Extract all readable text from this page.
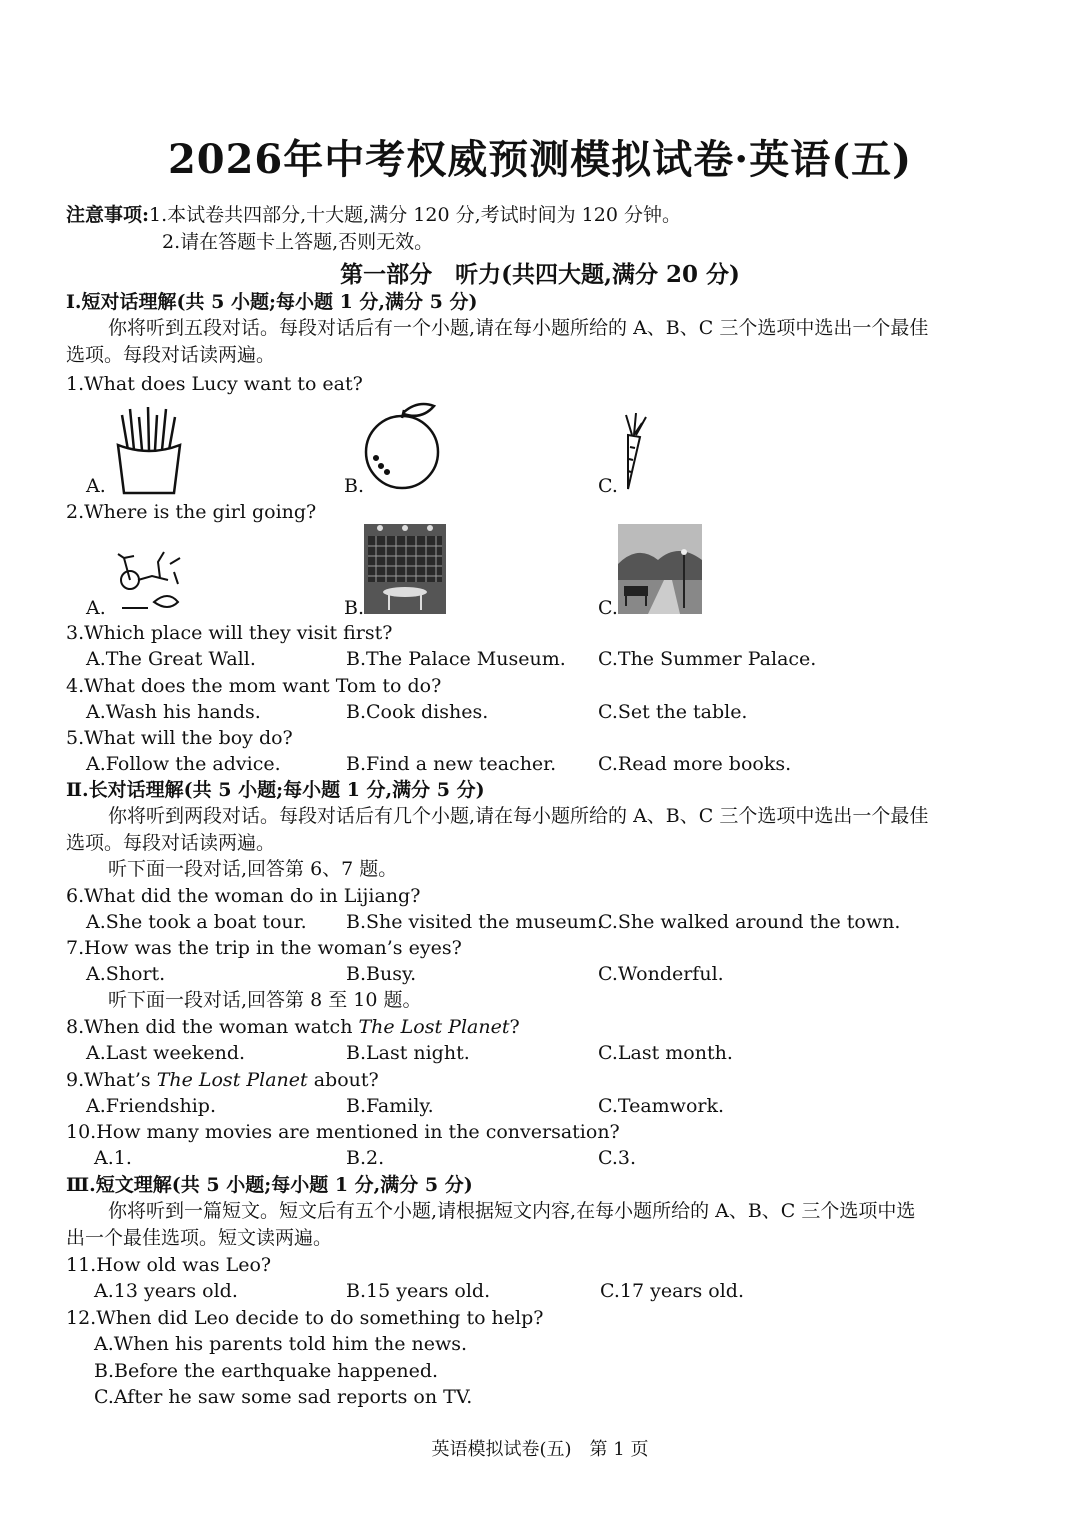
2026年中考权威预测模拟试卷·英语(五)
注意事项:1.本试卷共四部分,十大题,满分 120 分,考试时间为 120 分钟。
2.请在答题卡上答题,否则无效。
第一部分　听力(共四大题,满分 20 分)
Ⅰ.短对话理解(共 5 小题;每小题 1 分,满分 5 分)
你将听到五段对话。每段对话后有一个小题,请在每小题所给的 A、B、C 三个选项中选出一个最佳
选项。每段对话读两遍。
1.What does Lucy want to eat?
A.	B.	C.
2.Where is the girl going?
A.	B.	C.
3.Which place will they visit first?
A.The Great Wall.	B.The Palace Museum. C.The Summer Palace.
4.What does the mom want Tom to do?
A.Wash his hands.	B.Cook dishes.	C.Set the table.
5.What will the boy do?
A.Follow the advice.	B.Find a new teacher. C.Read more books.
Ⅱ.长对话理解(共 5 小题;每小题 1 分,满分 5 分)
你将听到两段对话。每段对话后有几个小题,请在每小题所给的 A、B、C 三个选项中选出一个最佳
选项。每段对话读两遍。
听下面一段对话,回答第 6、7 题。
6.What did the woman do in Lijiang?
A.She took a boat tour. B.She visited the museum.
C.She walked around the town.
7.How was the trip in the woman’s eyes?
A.Short.	B.Busy.	C.Wonderful.
听下面一段对话,回答第 8 至 10 题。
8.When did the woman watch The Lost Planet?
A.Last weekend.	B.Last night.	C.Last month.
9.What’s The Lost Planet about?
A.Friendship.	B.Family.	C.Teamwork.
10.How many movies are mentioned in the conversation?
A.1.	B.2.	C.3.
Ⅲ.短文理解(共 5 小题;每小题 1 分,满分 5 分)
你将听到一篇短文。短文后有五个小题,请根据短文内容,在每小题所给的 A、B、C 三个选项中选
出一个最佳选项。短文读两遍。
11.How old was Leo?
A.13 years old.	B.15 years old.	C.17 years old.
12.When did Leo decide to do something to help?
A.When his parents told him the news.
B.Before the earthquake happened.
C.After he saw some sad reports on TV.
英语模拟试卷(五)　第 1 页
